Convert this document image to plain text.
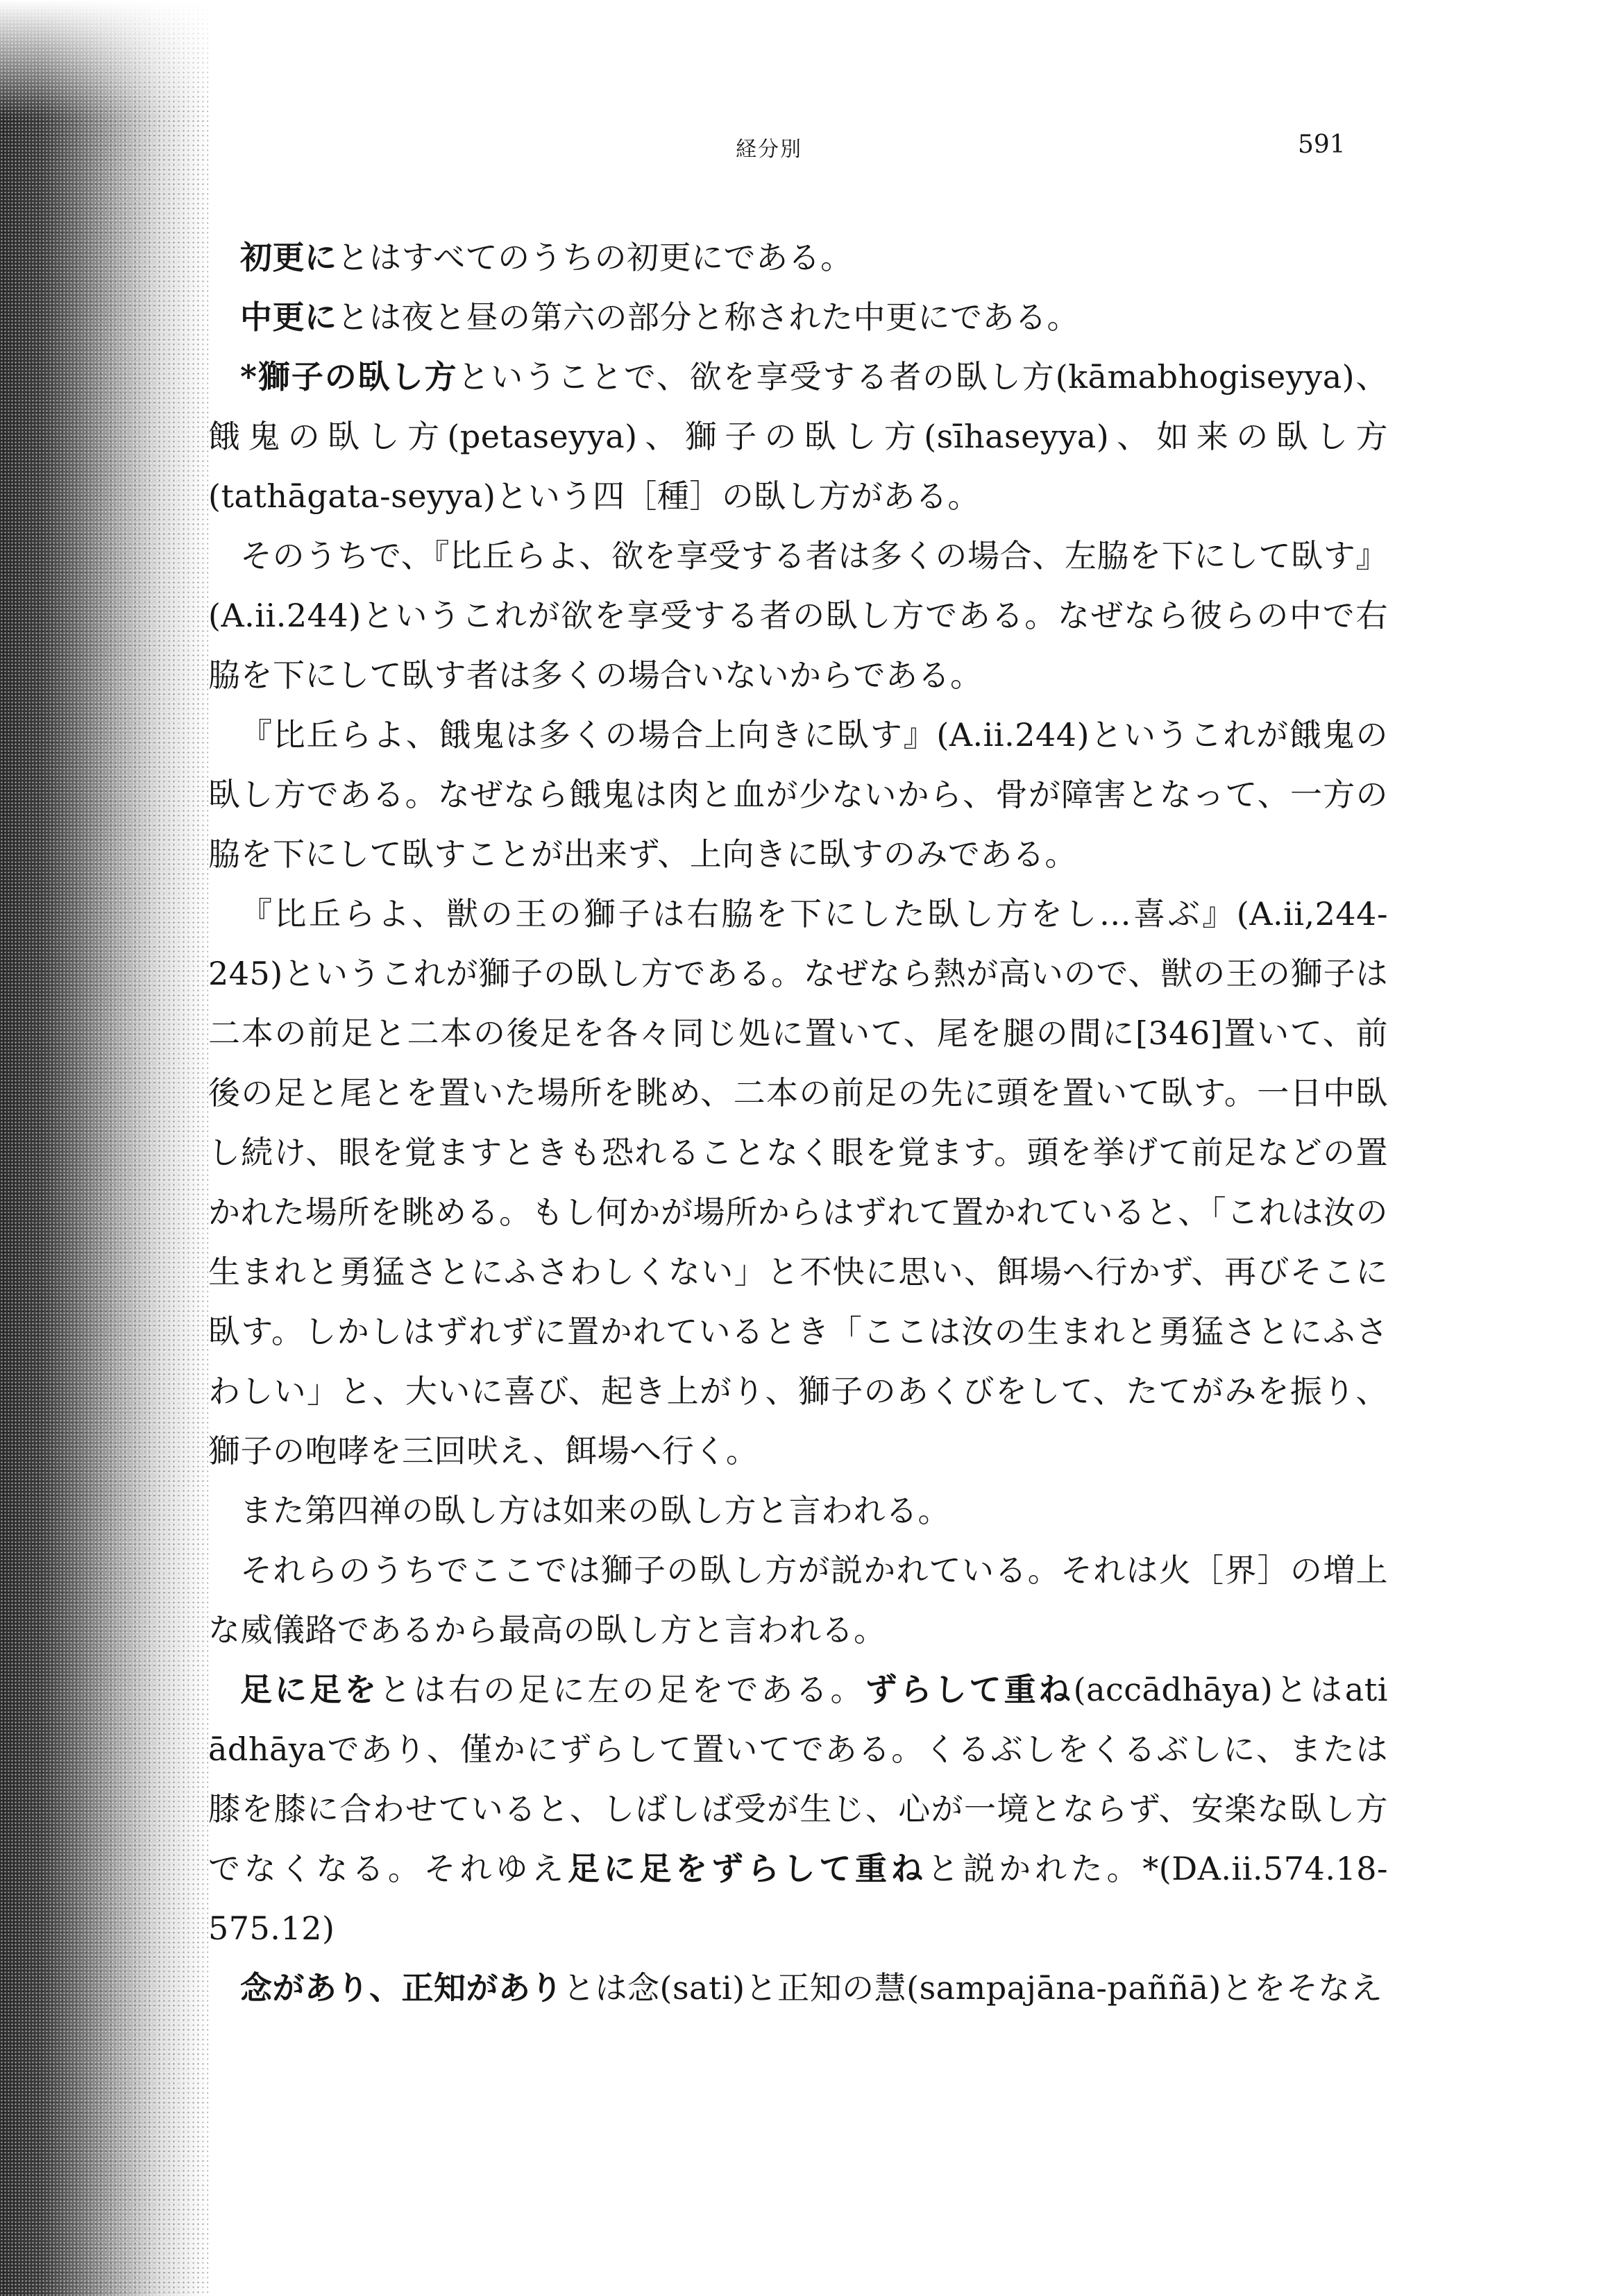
経分別	591

初更にとはすべてのうちの初更にである。

中更にとは夜と昼の第六の部分と称された中更にである。

*獅子の臥し方ということで、欲を享受する者の臥し方(kāmabhogiseyya)、餓鬼の臥し方(petaseyya)、獅子の臥し方(sīhaseyya)、如来の臥し方(tathāgata-seyya)という四［種］の臥し方がある。

そのうちで、『比丘らよ、欲を享受する者は多くの場合、左脇を下にして臥す』(A.ii.244)というこれが欲を享受する者の臥し方である。なぜなら彼らの中で右脇を下にして臥す者は多くの場合いないからである。

『比丘らよ、餓鬼は多くの場合上向きに臥す』(A.ii.244)というこれが餓鬼の臥し方である。なぜなら餓鬼は肉と血が少ないから、骨が障害となって、一方の脇を下にして臥すことが出来ず、上向きに臥すのみである。

『比丘らよ、獣の王の獅子は右脇を下にした臥し方をし…喜ぶ』(A.ii,244-245)というこれが獅子の臥し方である。なぜなら熱が高いので、獣の王の獅子は二本の前足と二本の後足を各々同じ処に置いて、尾を腿の間に[346]置いて、前後の足と尾とを置いた場所を眺め、二本の前足の先に頭を置いて臥す。一日中臥し続け、眼を覚ますときも恐れることなく眼を覚ます。頭を挙げて前足などの置かれた場所を眺める。もし何かが場所からはずれて置かれていると、「これは汝の生まれと勇猛さとにふさわしくない」と不快に思い、餌場へ行かず、再びそこに臥す。しかしはずれずに置かれているとき「ここは汝の生まれと勇猛さとにふさわしい」と、大いに喜び、起き上がり、獅子のあくびをして、たてがみを振り、獅子の咆哮を三回吠え、餌場へ行く。

また第四禅の臥し方は如来の臥し方と言われる。

それらのうちでここでは獅子の臥し方が説かれている。それは火［界］の増上な威儀路であるから最高の臥し方と言われる。

足に足をとは右の足に左の足をである。ずらして重ね(accādhāya)とはati ādhāyaであり、僅かにずらして置いてである。くるぶしをくるぶしに、または膝を膝に合わせていると、しばしば受が生じ、心が一境とならず、安楽な臥し方でなくなる。それゆえ足に足をずらして重ねと説かれた。*(DA.ii.574.18-575.12)

念があり、正知がありとは念(sati)と正知の慧(sampajāna-paññā)とをそなえ
